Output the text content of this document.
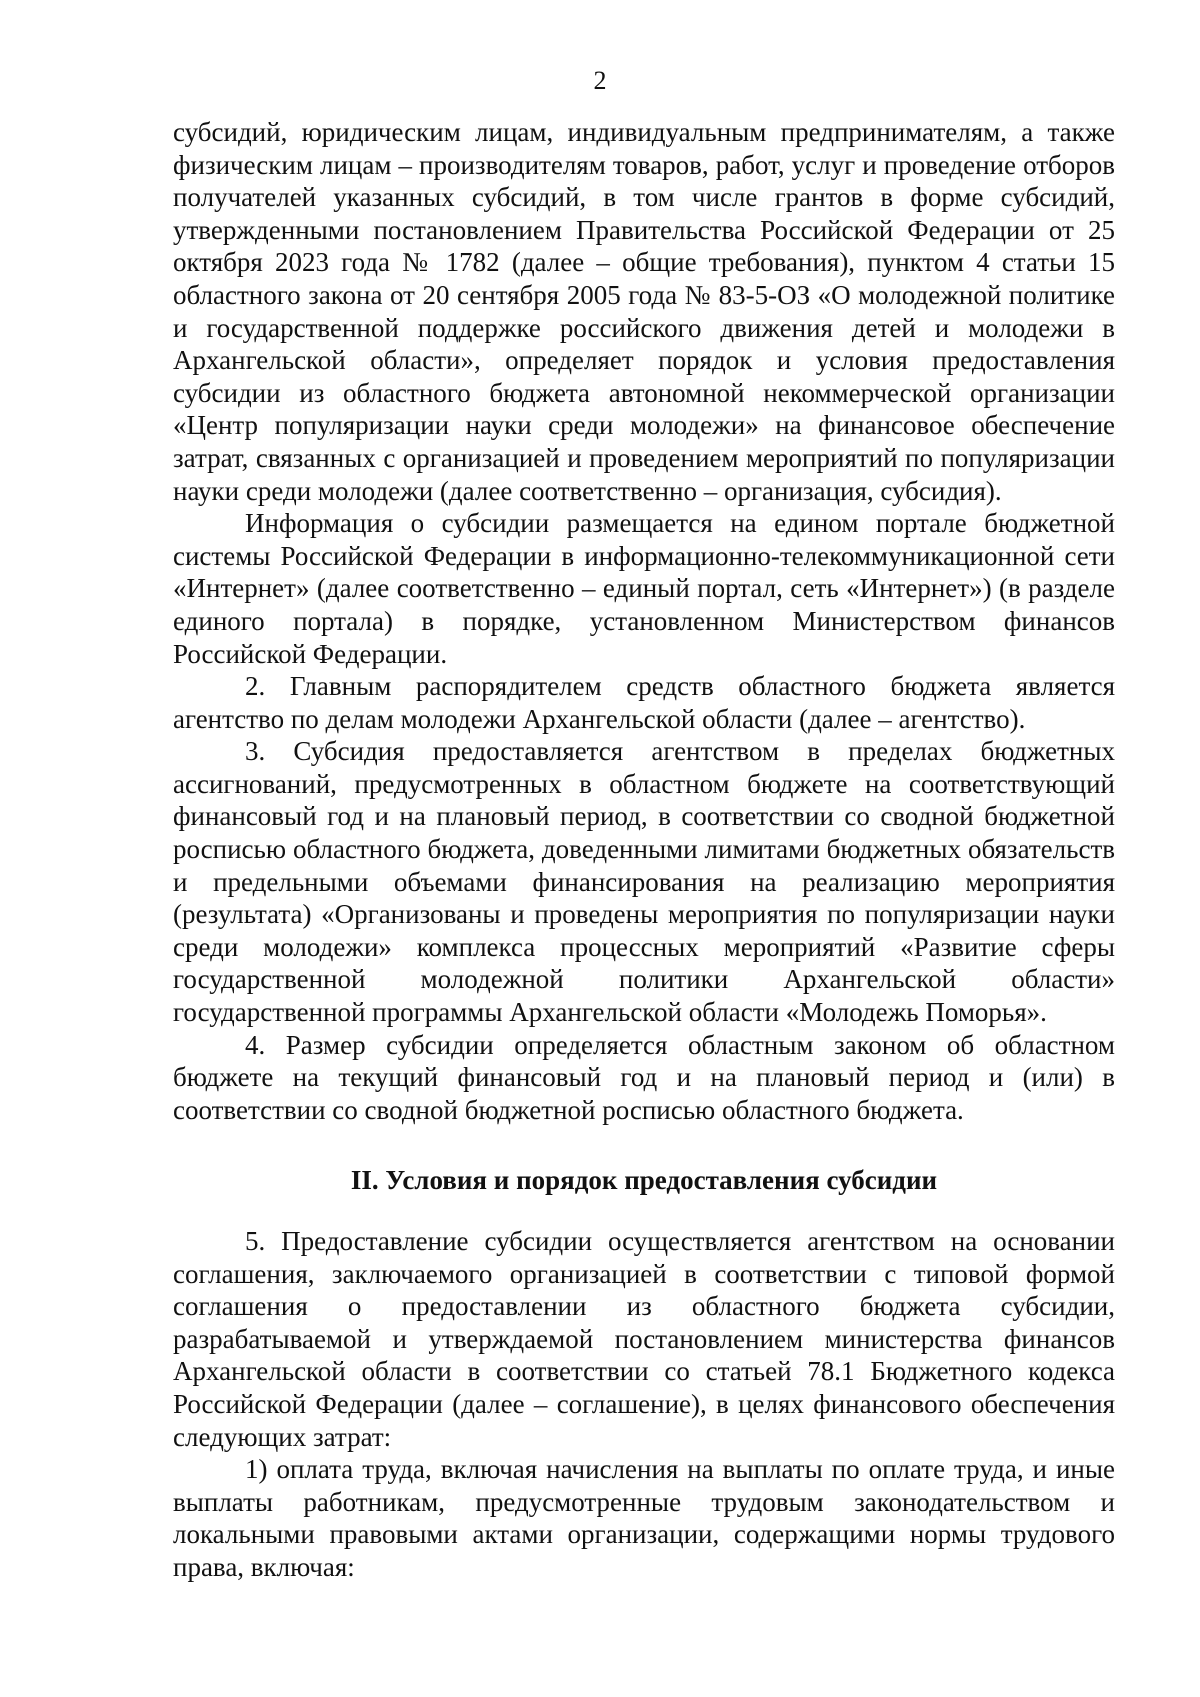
2

субсидий, юридическим лицам, индивидуальным предпринимателям, а также физическим лицам – производителям товаров, работ, услуг и проведение отборов получателей указанных субсидий, в том числе грантов в форме субсидий, утвержденными постановлением Правительства Российской Федерации от 25 октября 2023 года № 1782 (далее – общие требования), пунктом 4 статьи 15 областного закона от 20 сентября 2005 года № 83-5-ОЗ «О молодежной политике и государственной поддержке российского движения детей и молодежи в Архангельской области», определяет порядок и условия предоставления субсидии из областного бюджета автономной некоммерческой организации «Центр популяризации науки среди молодежи» на финансовое обеспечение затрат, связанных с организацией и проведением мероприятий по популяризации науки среди молодежи (далее соответственно – организация, субсидия).

Информация о субсидии размещается на едином портале бюджетной системы Российской Федерации в информационно-телекоммуникационной сети «Интернет» (далее соответственно – единый портал, сеть «Интернет») (в разделе единого портала) в порядке, установленном Министерством финансов Российской Федерации.

2. Главным распорядителем средств областного бюджета является агентство по делам молодежи Архангельской области (далее – агентство).

3. Субсидия предоставляется агентством в пределах бюджетных ассигнований, предусмотренных в областном бюджете на соответствующий финансовый год и на плановый период, в соответствии со сводной бюджетной росписью областного бюджета, доведенными лимитами бюджетных обязательств и предельными объемами финансирования на реализацию мероприятия (результата) «Организованы и проведены мероприятия по популяризации науки среди молодежи» комплекса процессных мероприятий «Развитие сферы государственной молодежной политики Архангельской области» государственной программы Архангельской области «Молодежь Поморья».

4. Размер субсидии определяется областным законом об областном бюджете на текущий финансовый год и на плановый период и (или) в соответствии со сводной бюджетной росписью областного бюджета.

II. Условия и порядок предоставления субсидии

5. Предоставление субсидии осуществляется агентством на основании соглашения, заключаемого организацией в соответствии с типовой формой соглашения о предоставлении из областного бюджета субсидии, разрабатываемой и утверждаемой постановлением министерства финансов Архангельской области в соответствии со статьей 78.1 Бюджетного кодекса Российской Федерации (далее – соглашение), в целях финансового обеспечения следующих затрат:

1) оплата труда, включая начисления на выплаты по оплате труда, и иные выплаты работникам, предусмотренные трудовым законодательством и локальными правовыми актами организации, содержащими нормы трудового права, включая:
